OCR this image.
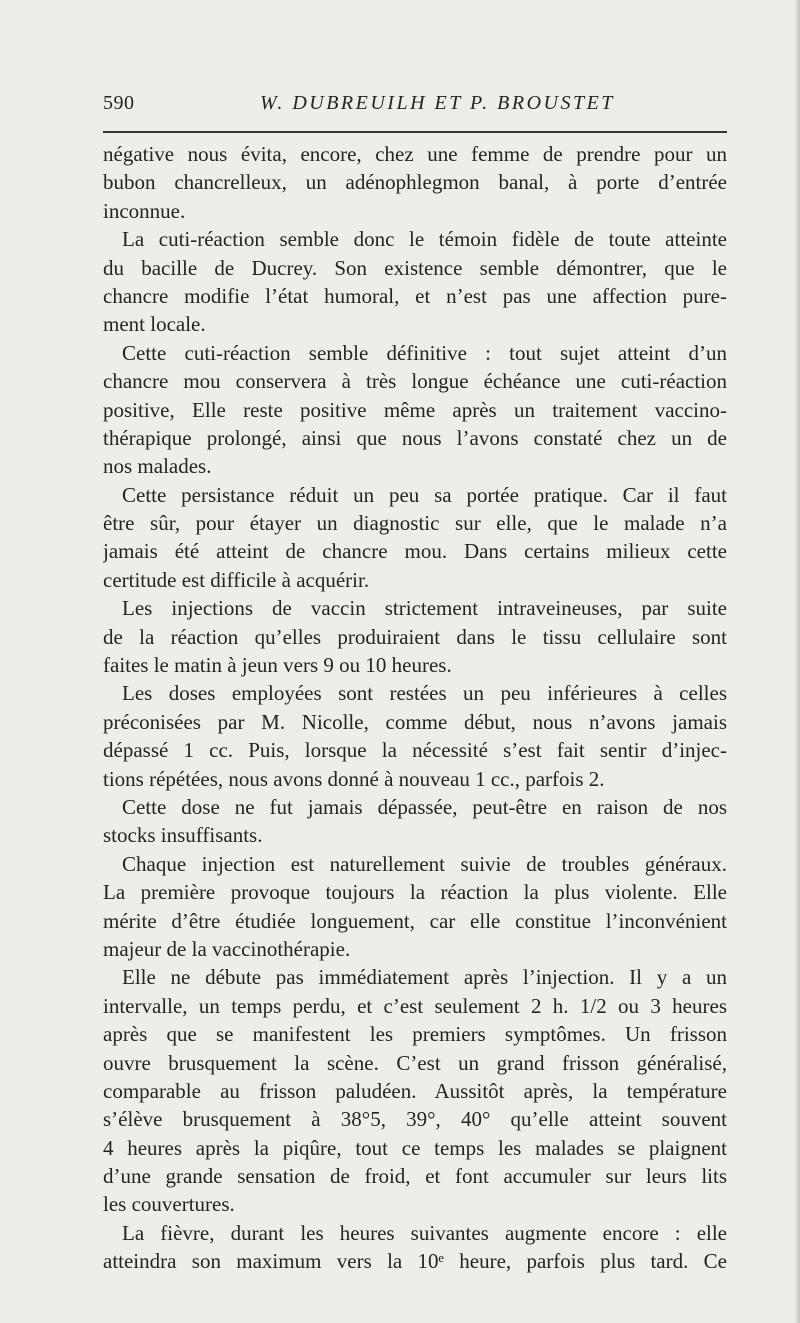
590	W. DUBREUILH ET P. BROUSTET
négative nous évita, encore, chez une femme de prendre pour un
bubon chancrelleux, un adénophlegmon banal, à porte d’entrée
inconnue.
La cuti-réaction semble donc le témoin fidèle de toute atteinte
du bacille de Ducrey. Son existence semble démontrer, que le
chancre modifie l’état humoral, et n’est pas une affection pure-
ment locale.
Cette cuti-réaction semble définitive : tout sujet atteint d’un
chancre mou conservera à très longue échéance une cuti-réaction
positive, Elle reste positive même après un traitement vaccino-
thérapique prolongé, ainsi que nous l’avons constaté chez un de
nos malades.
Cette persistance réduit un peu sa portée pratique. Car il faut
être sûr, pour étayer un diagnostic sur elle, que le malade n’a
jamais été atteint de chancre mou. Dans certains milieux cette
certitude est difficile à acquérir.
Les injections de vaccin strictement intraveineuses, par suite
de la réaction qu’elles produiraient dans le tissu cellulaire sont
faites le matin à jeun vers 9 ou 10 heures.
Les doses employées sont restées un peu inférieures à celles
préconisées par M. Nicolle, comme début, nous n’avons jamais
dépassé 1 cc. Puis, lorsque la nécessité s’est fait sentir d’injec-
tions répétées, nous avons donné à nouveau 1 cc., parfois 2.
Cette dose ne fut jamais dépassée, peut-être en raison de nos
stocks insuffisants.
Chaque injection est naturellement suivie de troubles généraux.
La première provoque toujours la réaction la plus violente. Elle
mérite d’être étudiée longuement, car elle constitue l’inconvénient
majeur de la vaccinothérapie.
Elle ne débute pas immédiatement après l’injection. Il y a un
intervalle, un temps perdu, et c’est seulement 2 h. 1/2 ou 3 heures
après que se manifestent les premiers symptômes. Un frisson
ouvre brusquement la scène. C’est un grand frisson généralisé,
comparable au frisson paludéen. Aussitôt après, la température
s’élève brusquement à 38°5, 39°, 40° qu’elle atteint souvent
4 heures après la piqûre, tout ce temps les malades se plaignent
d’une grande sensation de froid, et font accumuler sur leurs lits
les couvertures.
La fièvre, durant les heures suivantes augmente encore : elle
atteindra son maximum vers la 10ᵉ heure, parfois plus tard. Ce
